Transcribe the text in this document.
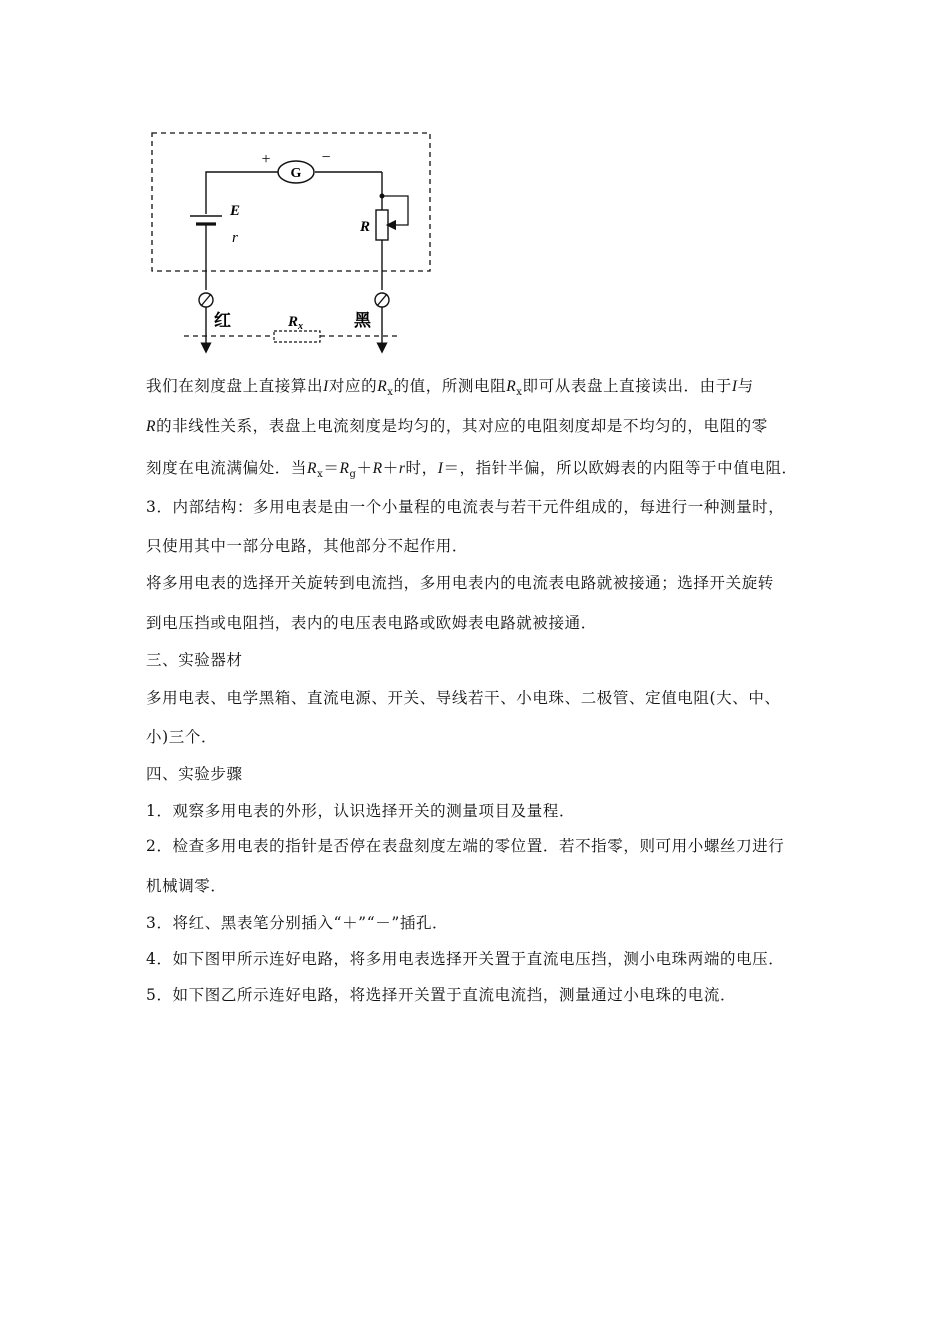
G
+	−
E
r
R
红	黑
$R_x$
我们在刻度盘上直接算出I对应的$R_x$的值，所测电阻$R_x$即可从表盘上直接读出．由于I与
R的非线性关系，表盘上电流刻度是均匀的，其对应的电阻刻度却是不均匀的，电阻的零
刻度在电流满偏处．当$R_x=R_g+R+r$时，I＝，指针半偏，所以欧姆表的内阻等于中值电阻．
3．内部结构：多用电表是由一个小量程的电流表与若干元件组成的，每进行一种测量时，
只使用其中一部分电路，其他部分不起作用．
将多用电表的选择开关旋转到电流挡，多用电表内的电流表电路就被接通；选择开关旋转
到电压挡或电阻挡，表内的电压表电路或欧姆表电路就被接通．
三、实验器材
多用电表、电学黑箱、直流电源、开关、导线若干、小电珠、二极管、定值电阻(大、中、
小)三个．
四、实验步骤
1．观察多用电表的外形，认识选择开关的测量项目及量程．
2．检查多用电表的指针是否停在表盘刻度左端的零位置．若不指零，则可用小螺丝刀进行
机械调零．
3．将红、黑表笔分别插入“＋”“－”插孔．
4．如下图甲所示连好电路，将多用电表选择开关置于直流电压挡，测小电珠两端的电压．
5．如下图乙所示连好电路，将选择开关置于直流电流挡，测量通过小电珠的电流．
